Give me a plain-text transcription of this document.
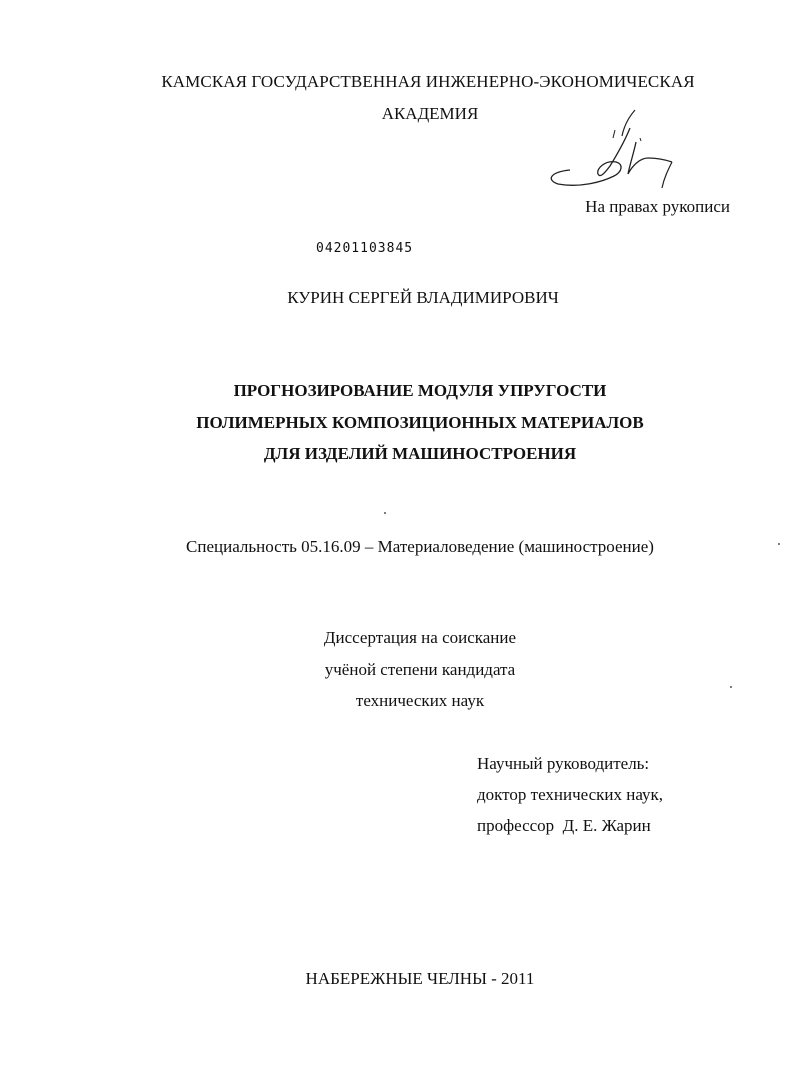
КАМСКАЯ ГОСУДАРСТВЕННАЯ ИНЖЕНЕРНО-ЭКОНОМИЧЕСКАЯ
АКАДЕМИЯ
На правах рукописи
04201103845
КУРИН СЕРГЕЙ ВЛАДИМИРОВИЧ
ПРОГНОЗИРОВАНИЕ МОДУЛЯ УПРУГОСТИ
ПОЛИМЕРНЫХ КОМПОЗИЦИОННЫХ МАТЕРИАЛОВ
ДЛЯ ИЗДЕЛИЙ МАШИНОСТРОЕНИЯ
Специальность 05.16.09 – Материаловедение (машиностроение)
Диссертация на соискание
учёной степени кандидата
технических наук
Научный руководитель:
доктор технических наук,
профессор  Д. Е. Жарин
НАБЕРЕЖНЫЕ ЧЕЛНЫ - 2011
